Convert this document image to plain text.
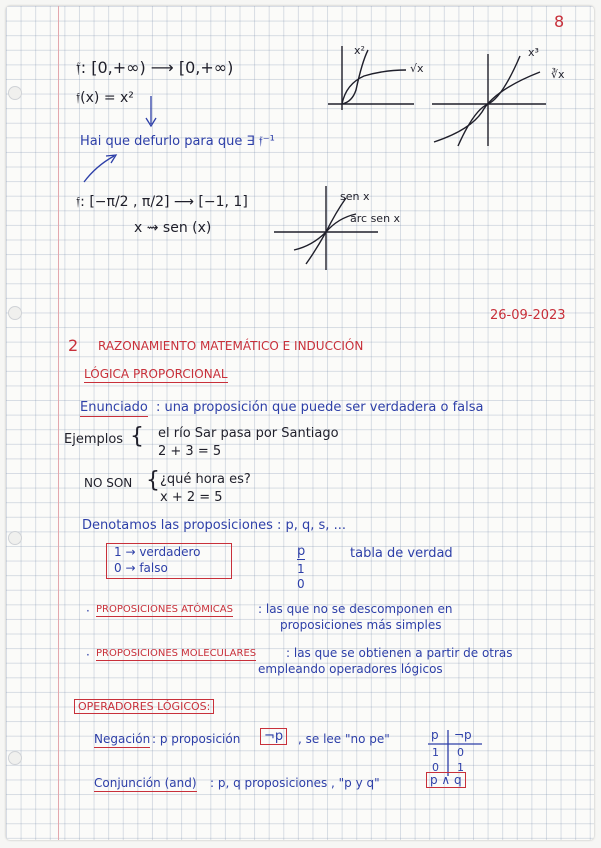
8
𝔣: [0,+∞) ⟶ [0,+∞)
𝔣(x) = x²
Hai que defurlo para que ∃ 𝔣⁻¹
x²
√x
x³
∛x
𝔣: [−π/2 , π/2] ⟶ [−1, 1]
x ⇝ sen (x)
sen x
arc sen x
26-09-2023
2 RAZONAMIENTO MATEMÁTICO E INDUCCIÓN
LÓGICA PROPORCIONAL
Enunciado : una proposición que puede ser verdadera o falsa
Ejemplos { el río Sar pasa por Santiago
2 + 3 = 5
NO SON { ¿qué hora es?
x + 2 = 5
Denotamos las proposiciones : p, q, s, ...
1 → verdadero
0 → falso
p
1
0
tabla de verdad
· PROPOSICIONES ATÓMICAS : las que no se descomponen en
proposiciones más simples
· PROPOSICIONES MOLECULARES : las que se obtienen a partir de otras
empleando operadores lógicos
OPERADORES LÓGICOS:
Negación : p proposición	¬p	, se lee "no pe"	p ¬p
1 0
0 1
Conjunción (and) : p, q proposiciones , "p y q"	p ∧ q
